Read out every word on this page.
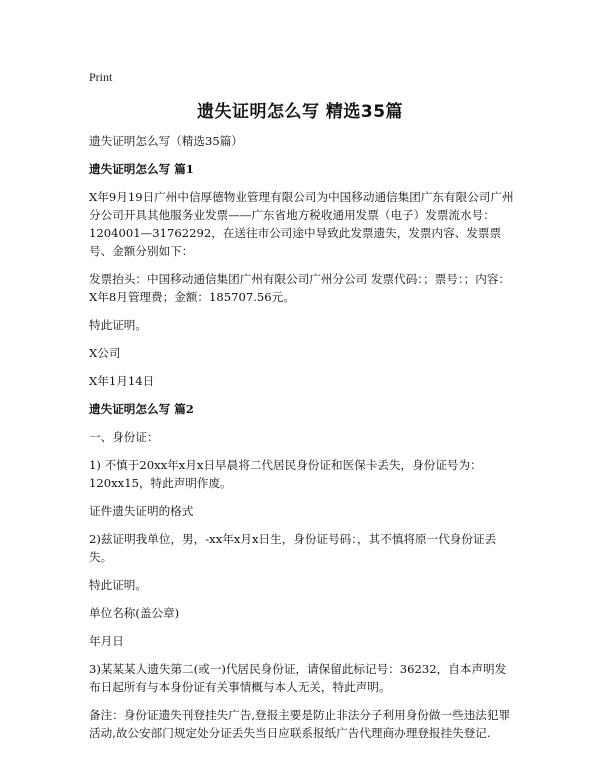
Print
遗失证明怎么写 精选35篇

遗失证明怎么写（精选35篇）

遗失证明怎么写 篇1

X年9月19日广州中信厚德物业管理有限公司为中国移动通信集团广东有限公司广州分公司开具其他服务业发票——广东省地方税收通用发票（电子）发票流水号：1204001—31762292，在送往市公司途中导致此发票遗失，发票内容、发票票号、金额分别如下：

发票抬头：中国移动通信集团广州有限公司广州分公司 发票代码：；票号：；内容：X年8月管理费；金额：185707.56元。

特此证明。

X公司

X年1月14日

遗失证明怎么写 篇2

一、身份证：

1) 不慎于20xx年x月x日早晨将二代居民身份证和医保卡丢失，身份证号为：120xx15，特此声明作废。

证件遗失证明的格式

2)兹证明我单位，男，-xx年x月x日生，身份证号码：，其不慎将原一代身份证丢失。

特此证明。

单位名称(盖公章)

年月日

3)某某某人遗失第二(或一)代居民身份证，请保留此标记号：36232，自本声明发布日起所有与本身份证有关事情概与本人无关，特此声明。

备注：身份证遗失刊登挂失广告,登报主要是防止非法分子利用身份做一些违法犯罪活动,故公安部门规定处分证丢失当日应联系报纸广告代理商办理登报挂失登记.
